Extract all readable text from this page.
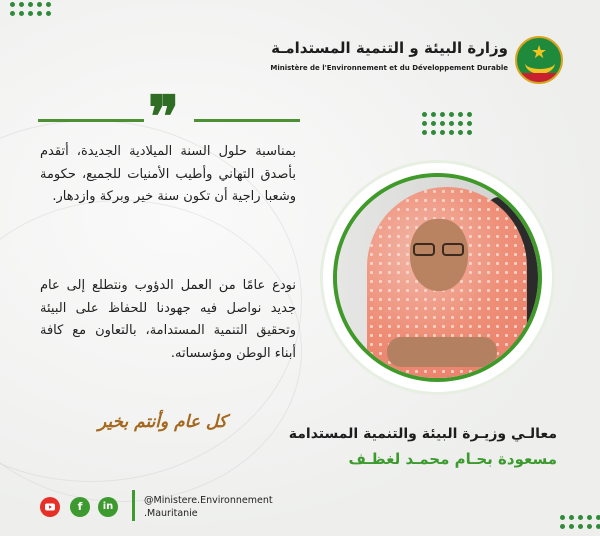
★
وزارة البيئة و التنمية المستدامـة
Ministère de l'Environnement et du Développement Durable
❞
بمناسبة حلول السنة الميلادية الجديدة، أتقدم بأصدق التهاني وأطيب الأمنيات للجميع، حكومة وشعبا راجية أن تكون سنة خير وبركة وازدهار.
نودع عامًا من العمل الدؤوب ونتطلع إلى عام جديد نواصل فيه جهودنا للحفاظ على البيئة وتحقيق التنمية المستدامة، بالتعاون مع كافة أبناء الوطن ومؤسساته.
كل عام وأنتم بخير
معالـي وزيـرة البيئة والتنمية المستدامة
مسعودة بحـام محمـد لغظـف
f	in
@Ministere.Environnement
.Mauritanie
